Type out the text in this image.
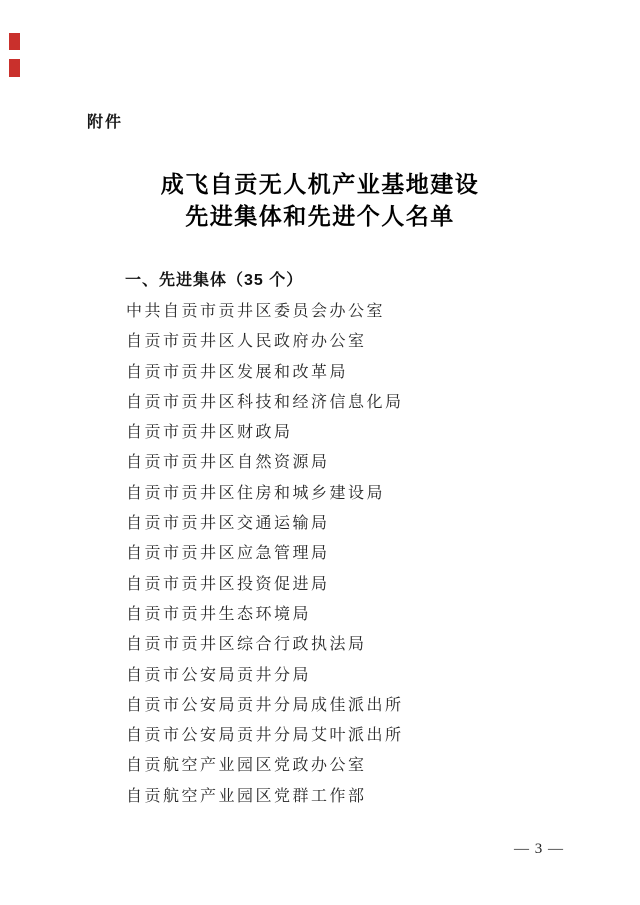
附件
成飞自贡无人机产业基地建设
先进集体和先进个人名单
一、先进集体（35 个）
中共自贡市贡井区委员会办公室
自贡市贡井区人民政府办公室
自贡市贡井区发展和改革局
自贡市贡井区科技和经济信息化局
自贡市贡井区财政局
自贡市贡井区自然资源局
自贡市贡井区住房和城乡建设局
自贡市贡井区交通运输局
自贡市贡井区应急管理局
自贡市贡井区投资促进局
自贡市贡井生态环境局
自贡市贡井区综合行政执法局
自贡市公安局贡井分局
自贡市公安局贡井分局成佳派出所
自贡市公安局贡井分局艾叶派出所
自贡航空产业园区党政办公室
自贡航空产业园区党群工作部
— 3 —
